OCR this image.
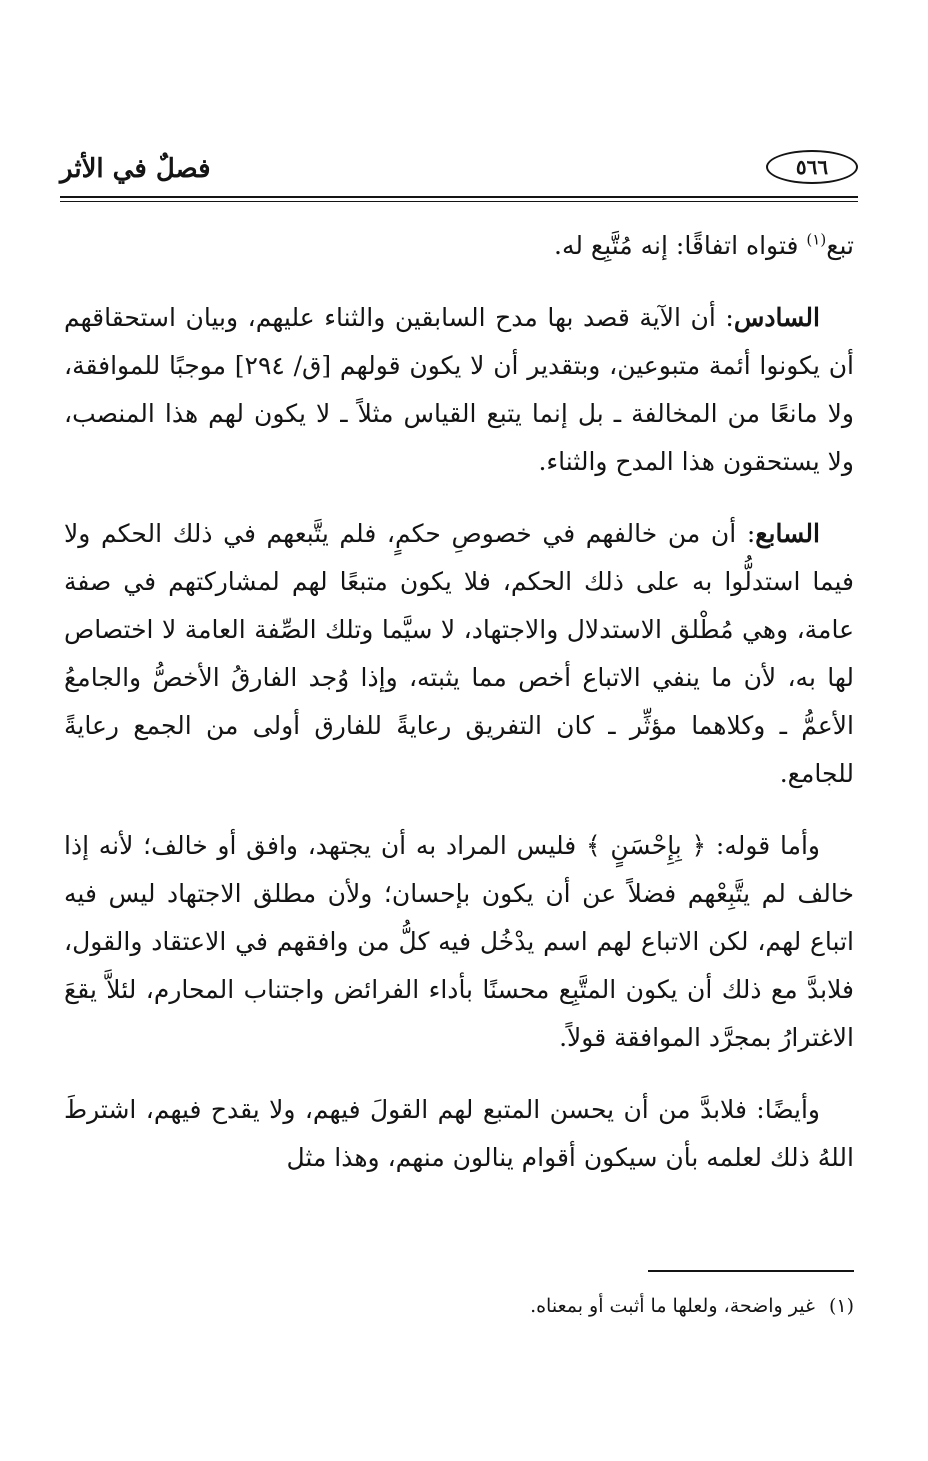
٥٦٦
فصلٌ في الأثر

تبع$^{(١)}$ فتواه اتفاقًا: إنه مُتَّبِع له.

السادس: أن الآية قصد بها مدح السابقين والثناء عليهم، وبيان استحقاقهم أن يكونوا أئمة متبوعين، وبتقدير أن لا يكون قولهم [ق/ ٢٩٤] موجبًا للموافقة، ولا مانعًا من المخالفة ـ بل إنما يتبع القياس مثلاً ـ لا يكون لهم هذا المنصب، ولا يستحقون هذا المدح والثناء.

السابع: أن من خالفهم في خصوصِ حكمٍ، فلم يتَّبعهم في ذلك الحكم ولا فيما استدلُّوا به على ذلك الحكم، فلا يكون متبعًا لهم لمشاركتهم في صفة عامة، وهي مُطْلق الاستدلال والاجتهاد، لا سيَّما وتلك الصِّفة العامة لا اختصاص لها به، لأن ما ينفي الاتباع أخص مما يثبته، وإذا وُجد الفارقُ الأخصُّ والجامعُ الأعمُّ ـ وكلاهما مؤثِّر ـ كان التفريق رعايةً للفارق أولى من الجمع رعايةً للجامع.

وأما قوله: ﴿ بِإِحْسَنٍ ﴾ فليس المراد به أن يجتهد، وافق أو خالف؛ لأنه إذا خالف لم يتَّبِعْهم فضلاً عن أن يكون بإحسان؛ ولأن مطلق الاجتهاد ليس فيه اتباع لهم، لكن الاتباع لهم اسم يدْخُل فيه كلُّ من وافقهم في الاعتقاد والقول، فلابدَّ مع ذلك أن يكون المتَّبِع محسنًا بأداء الفرائض واجتناب المحارم، لئلاَّ يقعَ الاغترارُ بمجرَّد الموافقة قولاً.

وأيضًا: فلابدَّ من أن يحسن المتبع لهم القولَ فيهم، ولا يقدح فيهم، اشترطَ اللهُ ذلك لعلمه بأن سيكون أقوام ينالون منهم، وهذا مثل

(١)غير واضحة، ولعلها ما أثبت أو بمعناه.
